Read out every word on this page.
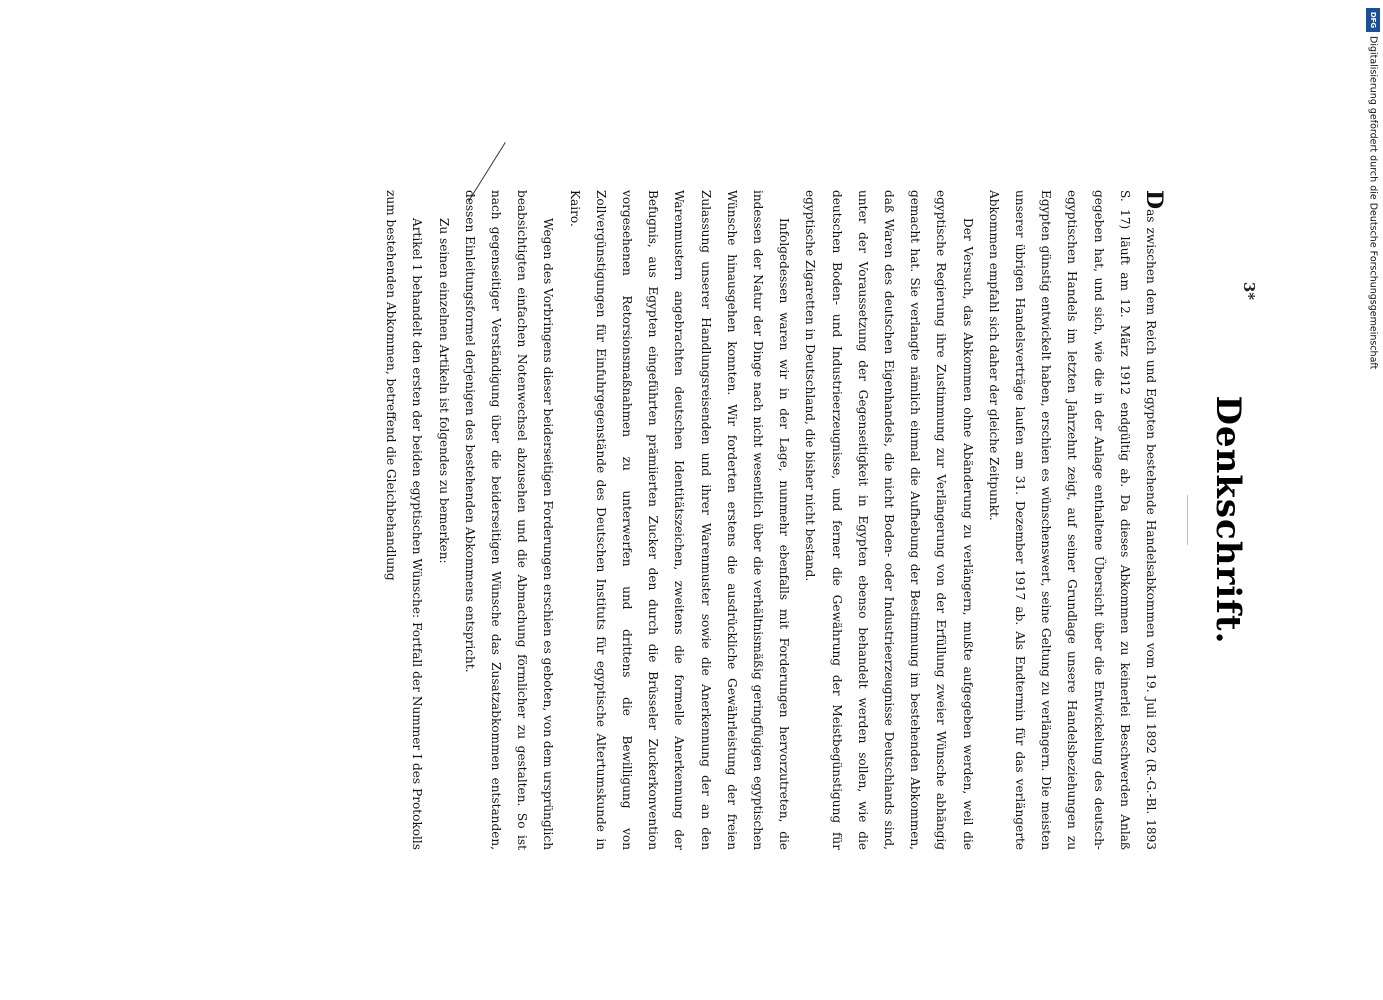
Denkschrift.

Das zwischen dem Reich und Egypten bestehende Handelsabkommen vom 19. Juli 1892 (R.-G.-Bl. 1893 S. 17) läuft am 12. März 1912 endgültig ab. Da dieses Abkommen zu keinerlei Beschwerden Anlaß gegeben hat, und sich, wie die in der Anlage enthaltene Übersicht über die Entwickelung des deutsch-egyptischen Handels im letzten Jahrzehnt zeigt, auf seiner Grundlage unsere Handelsbeziehungen zu Egypten günstig entwickelt haben, erschien es wünschenswert, seine Geltung zu verlängern. Die meisten unserer übrigen Handelsverträge laufen am 31. Dezember 1917 ab. Als Endtermin für das verlängerte Abkommen empfahl sich daher der gleiche Zeitpunkt.

Der Versuch, das Abkommen ohne Abänderung zu verlängern, mußte aufgegeben werden, weil die egyptische Regierung ihre Zustimmung zur Verlängerung von der Erfüllung zweier Wünsche abhängig gemacht hat. Sie verlangte nämlich einmal die Aufhebung der Bestimmung im bestehenden Abkommen, daß Waren des deutschen Eigenhandels, die nicht Boden- oder Industrieerzeugnisse Deutschlands sind, unter der Voraussetzung der Gegenseitigkeit in Egypten ebenso behandelt werden sollen, wie die deutschen Boden- und Industrieerzeugnisse, und ferner die Gewährung der Meistbegünstigung für egyptische Zigaretten in Deutschland, die bisher nicht bestand.

Infolgedessen waren wir in der Lage, nunmehr ebenfalls mit Forderungen hervorzutreten, die indessen der Natur der Dinge nach nicht wesentlich über die verhältnismäßig geringfügigen egyptischen Wünsche hinausgehen konnten. Wir forderten erstens die ausdrückliche Gewährleistung der freien Zulassung unserer Handlungsreisenden und ihrer Warenmuster sowie die Anerkennung der an den Warenmustern angebrachten deutschen Identitätszeichen, zweitens die formelle Anerkennung der Befugnis, aus Egypten eingeführten prämiierten Zucker den durch die Brüsseler Zuckerkonvention vorgesehenen Retorsionsmaßnahmen zu unterwerfen und drittens die Bewilligung von Zollvergünstigungen für Einfuhrgegenstände des Deutschen Instituts für egyptische Altertumskunde in Kairo.

Wegen des Vorbringens dieser beiderseitigen Forderungen erschien es geboten, von dem ursprünglich beabsichtigten einfachen Notenwechsel abzusehen und die Abmachung förmlicher zu gestalten. So ist nach gegenseitiger Verständigung über die beiderseitigen Wünsche das Zusatzabkommen entstanden, dessen Einleitungsformel derjenigen des bestehenden Abkommens entspricht.

Zu seinen einzelnen Artikeln ist folgendes zu bemerken:

Artikel 1 behandelt den ersten der beiden egyptischen Wünsche: Fortfall der Nummer I des Protokolls zum bestehenden Abkommen, betreffend die Gleichbehandlung	3*
DFG
Digitalisierung gefördert durch die Deutsche Forschungsgemeinschaft
